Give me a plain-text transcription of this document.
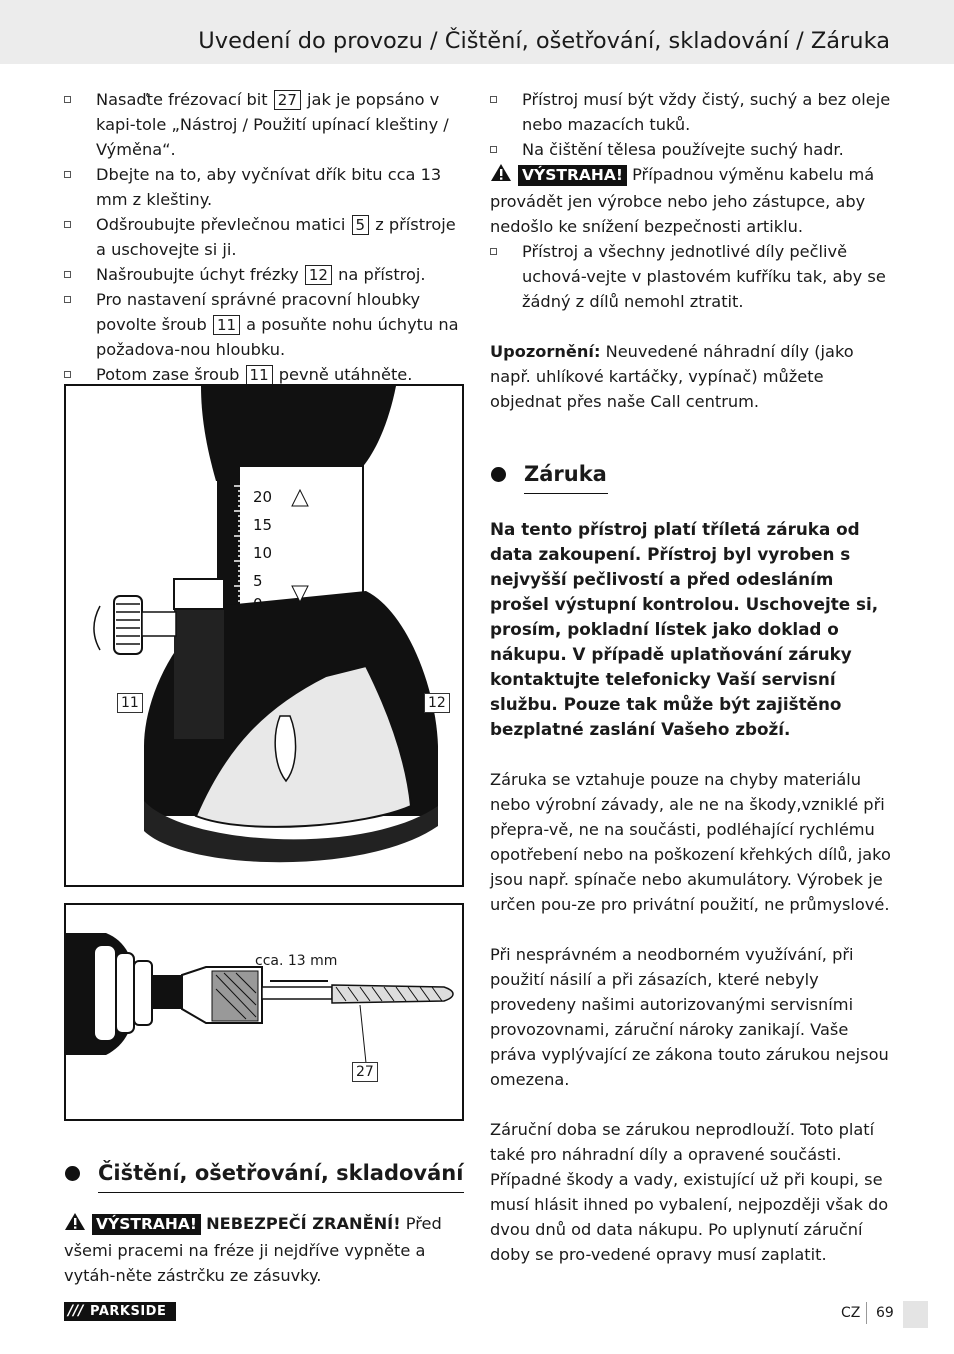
Uvedení do provozu / Čištění, ošetřování, skladování / Záruka
Nasaďte frézovací bit 27 jak je popsáno v kapi-tole „Nástroj / Použití upínací kleštiny / Výměna“.
Dbejte na to, aby vyčnívat dřík bitu cca 13 mm z kleštiny.
Odšroubujte převlečnou matici 5 z přístroje a uschovejte si ji.
Našroubujte úchyt frézky 12 na přístroj.
Pro nastavení správné pracovní hloubky povolte šroub 11 a posuňte nohu úchytu na požadova-nou hloubku.
Potom zase šroub 11 pevně utáhněte.
20
15
10
5
0
11	12
cca. 13 mm
27
Čištění, ošetřování, skladování
VÝSTRAHA! NEBEZPEČÍ ZRANĚNÍ! Před všemi pracemi na fréze ji nejdříve vypněte a vytáh-něte zástrčku ze zásuvky.
Přístroj musí být vždy čistý, suchý a bez oleje nebo mazacích tuků.
Na čištění tělesa používejte suchý hadr.
VÝSTRAHA! Případnou výměnu kabelu má provádět jen výrobce nebo jeho zástupce, aby nedošlo ke snížení bezpečnosti artiklu.
Přístroj a všechny jednotlivé díly pečlivě uchová-vejte v plastovém kufříku tak, aby se žádný z dílů nemohl ztratit.
Upozornění: Neuvedené náhradní díly (jako např. uhlíkové kartáčky, vypínač) můžete objednat přes naše Call centrum.
Záruka
Na tento přístroj platí tříletá záruka od data zakoupení. Přístroj byl vyroben s nejvyšší pečlivostí a před odesláním prošel výstupní kontrolou. Uschovejte si, prosím, pokladní lístek jako doklad o nákupu. V případě uplatňování záruky kontaktujte telefonicky Vaší servisní službu. Pouze tak může být zajištěno bezplatné zaslání Vašeho zboží.
Záruka se vztahuje pouze na chyby materiálu nebo výrobní závady, ale ne na škody,vzniklé při přepra-vě, ne na součásti, podléhající rychlému opotřebení nebo na poškození křehkých dílů, jako jsou např. spínače nebo akumulátory. Výrobek je určen pou-ze pro privátní použití, ne průmyslové.
Při nesprávném a neodborném využívání, při použití násilí a při zásazích, které nebyly provedeny našimi autorizovanými servisními provozovnami, záruční nároky zanikají. Vaše práva vyplývající ze zákona touto zárukou nejsou omezena.
Záruční doba se zárukou neprodlouží. Toto platí také pro náhradní díly a opravené součásti. Případné škody a vady, existující už při koupi, se musí hlásit ihned po vybalení, nejpozději však do dvou dnů od data nákupu. Po uplynutí záruční doby se pro-vedené opravy musí zaplatit.
/// PARKSIDE	CZ 69
